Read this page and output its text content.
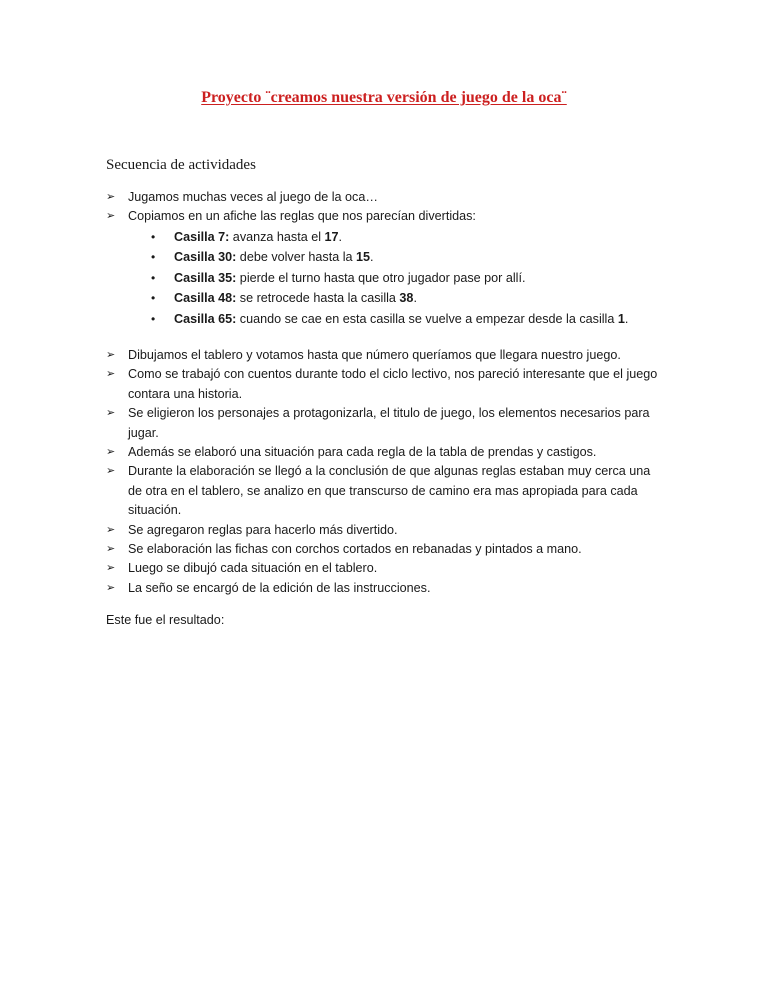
Proyecto ¨creamos nuestra versión de juego de la oca¨

Secuencia de actividades

➢	Jugamos muchas veces al juego de la oca…
➢	Copiamos en un afiche las reglas que nos parecían divertidas:
• Casilla 7: avanza hasta el 17.
• Casilla 30: debe volver hasta la 15.
• Casilla 35: pierde el turno hasta que otro jugador pase por allí.
• Casilla 48: se retrocede hasta la casilla 38.
• Casilla 65: cuando se cae en esta casilla se vuelve a empezar desde la casilla 1.
➢	Dibujamos el tablero y votamos hasta que número queríamos que llegara nuestro juego.
➢	Como se trabajó con cuentos durante todo el ciclo lectivo, nos pareció interesante que el juego contara una historia.
➢	Se eligieron los personajes a protagonizarla, el titulo de juego, los elementos necesarios para jugar.
➢	Además se elaboró una situación para cada regla de la tabla de prendas y castigos.
➢	Durante la elaboración se llegó a la conclusión de que algunas reglas estaban muy cerca una de otra en el tablero, se analizo en que transcurso de camino era mas apropiada para cada situación.
➢	Se agregaron reglas para hacerlo más divertido.
➢	Se elaboración las fichas con corchos cortados en rebanadas y pintados a mano.
➢	Luego se dibujó cada situación en el tablero.
➢	La seño se encargó de la edición de las instrucciones.

Este fue el resultado:
